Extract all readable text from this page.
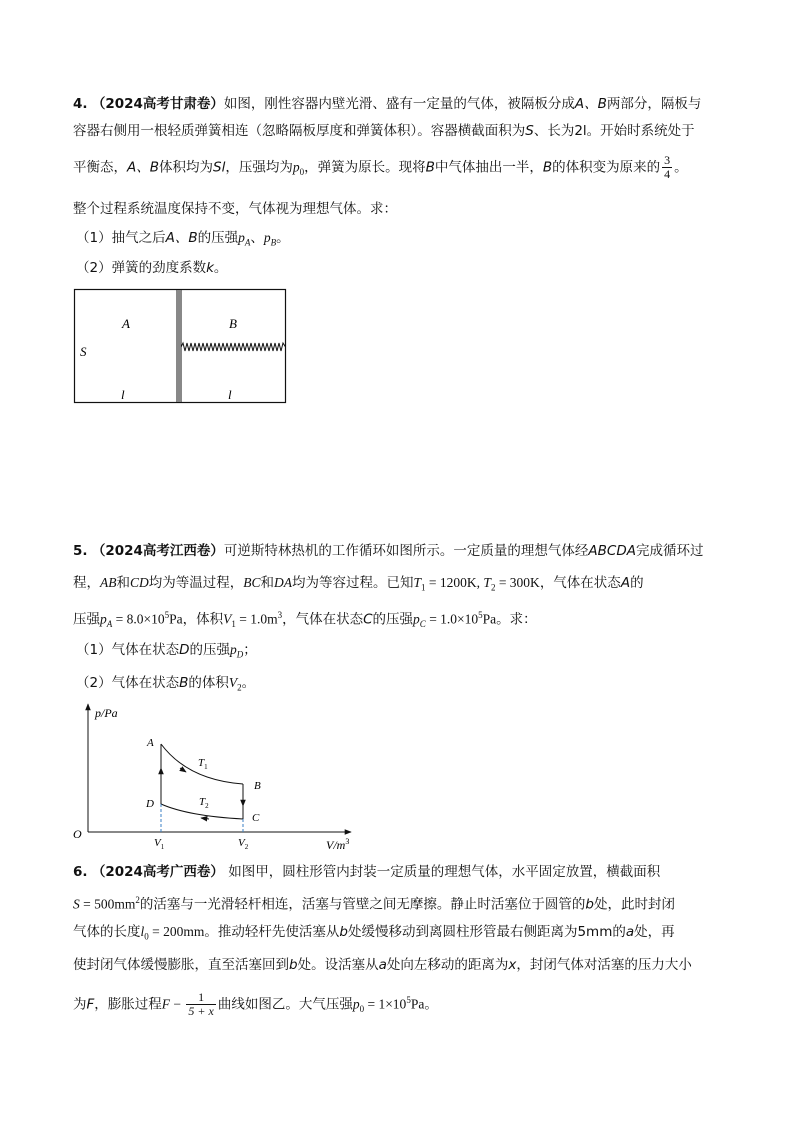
4. （2024高考甘肃卷）如图，刚性容器内壁光滑、盛有一定量的气体，被隔板分成A、B两部分，隔板与
容器右侧用一根轻质弹簧相连（忽略隔板厚度和弹簧体积）。容器横截面积为S、长为2l。开始时系统处于
平衡态，A、B体积均为Sl，压强均为$p_0$，弹簧为原长。现将B中气体抽出一半，B的体积变为原来的 $\frac{3}{4}$ 。
整个过程系统温度保持不变，气体视为理想气体。求：
（1）抽气之后A、B的压强$p_A$、$p_B$。
（2）弹簧的劲度系数k。
A	B
S
l	l
5. （2024高考江西卷）可逆斯特林热机的工作循环如图所示。一定质量的理想气体经ABCDA完成循环过
程，AB和CD均为等温过程，BC和DA均为等容过程。已知$T_1 = 1200K$, $T_2 = 300K$，气体在状态A的
压强$p_A = 8.0\times 10^5Pa$，体积$V_1 = 1.0m^3$，气体在状态C的压强$p_C = 1.0\times 10^5Pa$。求：
（1）气体在状态D的压强$p_D$；
（2）气体在状态B的体积$V_2$。
p/Pa
$V/m^3$
O
A
B
C
D
$T_1$
$T_2$
$V_1$	$V_2$
6. （2024高考广西卷） 如图甲，圆柱形管内封装一定质量的理想气体，水平固定放置，横截面积
$S = 500mm^2$的活塞与一光滑轻杆相连，活塞与管壁之间无摩擦。静止时活塞位于圆管的b处，此时封闭
气体的长度$l_0 = 200mm$。推动轻杆先使活塞从b处缓慢移动到离圆柱形管最右侧距离为5mm的a处，再
使封闭气体缓慢膨胀，直至活塞回到b处。设活塞从a处向左移动的距离为x，封闭气体对活塞的压力大小
为F，膨胀过程$F - \frac{1}{5 + x}$ 曲线如图乙。大气压强$p_0 = 1\times 10^5Pa$。
